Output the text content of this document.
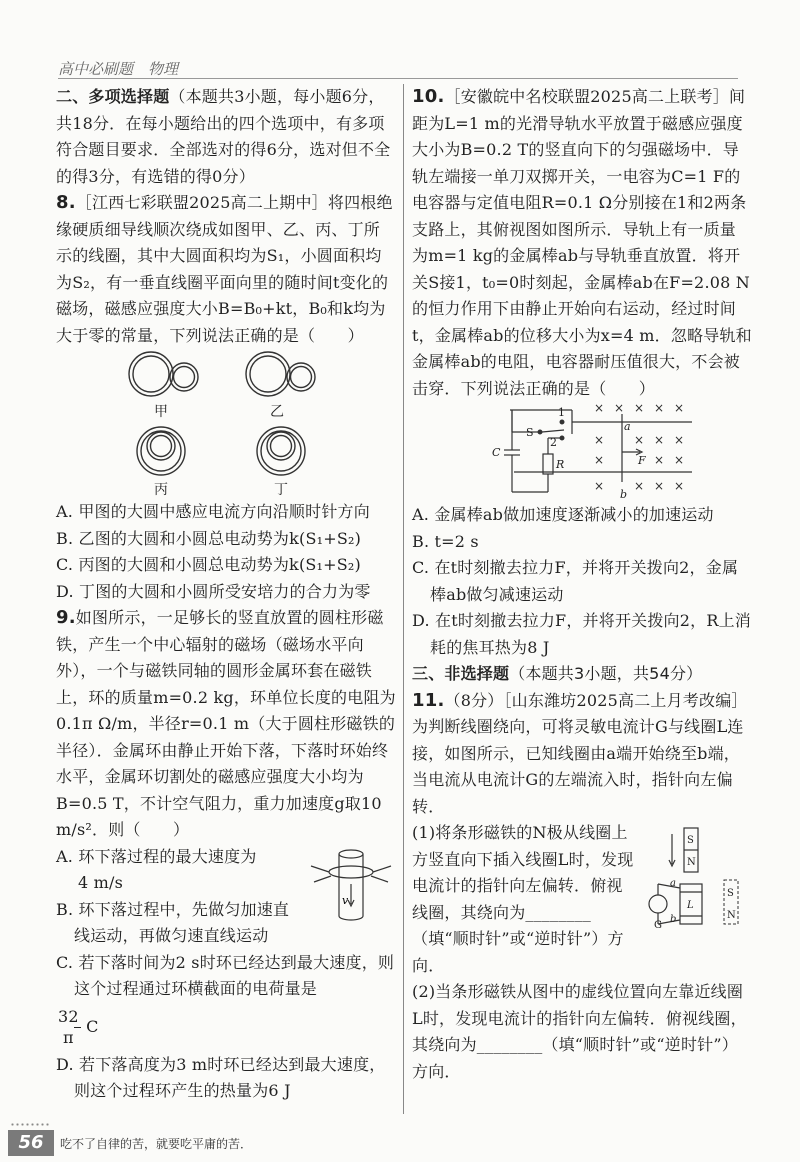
高中必刷题　物理

二、多项选择题（本题共3小题，每小题6分，共18分．在每小题给出的四个选项中，有多项符合题目要求．全部选对的得6分，选对但不全的得3分，有选错的得0分）

8.［江西七彩联盟2025高二上期中］将四根绝缘硬质细导线顺次绕成如图甲、乙、丙、丁所示的线圈，其中大圆面积均为S₁，小圆面积均为S₂，有一垂直线圈平面向里的随时间t变化的磁场，磁感应强度大小B=B₀+kt，B₀和k均为大于零的常量，下列说法正确的是（　　）

甲	乙
丙	丁

A. 甲图的大圆中感应电流方向沿顺时针方向

B. 乙图的大圆和小圆总电动势为k(S₁+S₂)

C. 丙图的大圆和小圆总电动势为k(S₁+S₂)

D. 丁图的大圆和小圆所受安培力的合力为零

9.如图所示，一足够长的竖直放置的圆柱形磁铁，产生一个中心辐射的磁场（磁场水平向外），一个与磁铁同轴的圆形金属环套在磁铁上，环的质量m=0.2 kg，环单位长度的电阻为0.1π Ω/m，半径r=0.1 m（大于圆柱形磁铁的半径）．金属环由静止开始下落，下落时环始终水平，金属环切割处的磁感应强度大小均为B=0.5 T，不计空气阻力，重力加速度g取10 m/s²．则（　　）

v

A. 环下落过程的最大速度为
4 m/s

B. 环下落过程中，先做匀加速直
线运动，再做匀速直线运动

C. 若下落时间为2 s时环已经达到最大速度，则这个过程通过环横截面的电荷量是

$\frac{32}{\pi}$ C

D. 若下落高度为3 m时环已经达到最大速度，则这个过程环产生的热量为6 J

10.［安徽皖中名校联盟2025高二上联考］间距为L=1 m的光滑导轨水平放置于磁感应强度大小为B=0.2 T的竖直向下的匀强磁场中．导轨左端接一单刀双掷开关，一电容为C=1 F的电容器与定值电阻R=0.1 Ω分别接在1和2两条支路上，其俯视图如图所示．导轨上有一质量为m=1 kg的金属棒ab与导轨垂直放置．将开关S接1，t₀=0时刻起，金属棒ab在F=2.08 N的恒力作用下由静止开始向右运动，经过时间t，金属棒ab的位移大小为x=4 m．忽略导轨和金属棒ab的电阻，电容器耐压值很大，不会被击穿．下列说法正确的是（　　）

1
2
S
C
R
a
b
F
× × × × ×
× × × ×
×	× ×
× × × ×

A. 金属棒ab做加速度逐渐减小的加速运动

B. t=2 s

C. 在t时刻撤去拉力F，并将开关拨向2，金属棒ab做匀减速运动

D. 在t时刻撤去拉力F，并将开关拨向2，R上消耗的焦耳热为8 J

三、非选择题（本题共3小题，共54分）

11.（8分）［山东潍坊2025高二上月考改编］为判断线圈绕向，可将灵敏电流计G与线圈L连接，如图所示，已知线圈由a端开始绕至b端，当电流从电流计G的左端流入时，指针向左偏转．

S
N
L
G
a
b
S
N

(1)将条形磁铁的N极从线圈上方竖直向下插入线圈L时，发现电流计的指针向左偏转．俯视线圈，其绕向为________（填“顺时针”或“逆时针”）方向．

(2)当条形磁铁从图中的虚线位置向左靠近线圈L时，发现电流计的指针向左偏转．俯视线圈，其绕向为________（填“顺时针”或“逆时针”）方向．

56	吃不了自律的苦，就要吃平庸的苦．
